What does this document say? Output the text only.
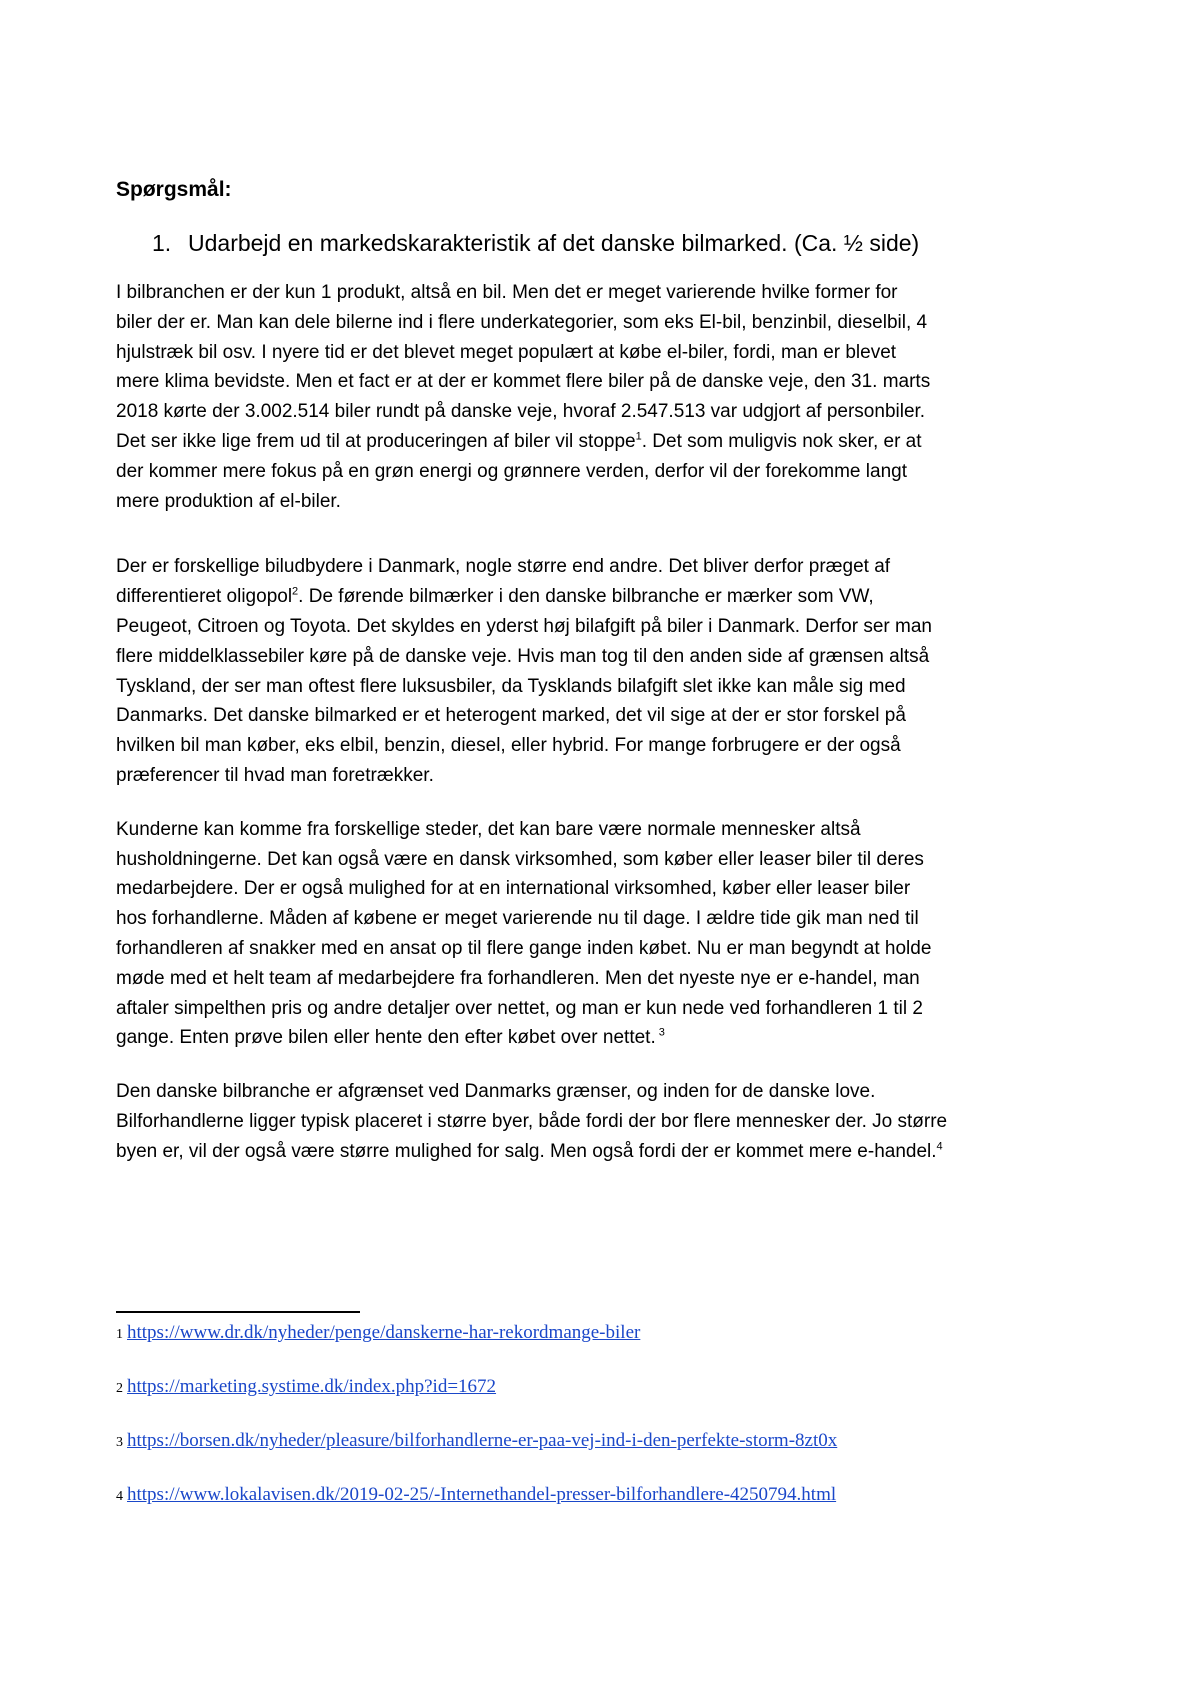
Spørgsmål:

1. Udarbejd en markedskarakteristik af det danske bilmarked. (Ca. ½ side)

I bilbranchen er der kun 1 produkt, altså en bil. Men det er meget varierende hvilke former for
biler der er. Man kan dele bilerne ind i flere underkategorier, som eks El-bil, benzinbil, dieselbil, 4
hjulstræk bil osv. I nyere tid er det blevet meget populært at købe el-biler, fordi, man er blevet
mere klima bevidste. Men et fact er at der er kommet flere biler på de danske veje, den 31. marts
2018 kørte der 3.002.514 biler rundt på danske veje, hvoraf 2.547.513 var udgjort af personbiler.
Det ser ikke lige frem ud til at produceringen af biler vil stoppe$^1$. Det som muligvis nok sker, er at
der kommer mere fokus på en grøn energi og grønnere verden, derfor vil der forekomme langt
mere produktion af el-biler.

Der er forskellige biludbydere i Danmark, nogle større end andre. Det bliver derfor præget af
differentieret oligopol$^2$. De førende bilmærker i den danske bilbranche er mærker som VW,
Peugeot, Citroen og Toyota. Det skyldes en yderst høj bilafgift på biler i Danmark. Derfor ser man
flere middelklassebiler køre på de danske veje. Hvis man tog til den anden side af grænsen altså
Tyskland, der ser man oftest flere luksusbiler, da Tysklands bilafgift slet ikke kan måle sig med
Danmarks. Det danske bilmarked er et heterogent marked, det vil sige at der er stor forskel på
hvilken bil man køber, eks elbil, benzin, diesel, eller hybrid. For mange forbrugere er der også
præferencer til hvad man foretrækker.

Kunderne kan komme fra forskellige steder, det kan bare være normale mennesker altså
husholdningerne. Det kan også være en dansk virksomhed, som køber eller leaser biler til deres
medarbejdere. Der er også mulighed for at en international virksomhed, køber eller leaser biler
hos forhandlerne. Måden af købene er meget varierende nu til dage. I ældre tide gik man ned til
forhandleren af snakker med en ansat op til flere gange inden købet. Nu er man begyndt at holde
møde med et helt team af medarbejdere fra forhandleren. Men det nyeste nye er e-handel, man
aftaler simpelthen pris og andre detaljer over nettet, og man er kun nede ved forhandleren 1 til 2
gange. Enten prøve bilen eller hente den efter købet over nettet. $^3$

Den danske bilbranche er afgrænset ved Danmarks grænser, og inden for de danske love.
Bilforhandlerne ligger typisk placeret i større byer, både fordi der bor flere mennesker der. Jo større
byen er, vil der også være større mulighed for salg. Men også fordi der er kommet mere e-handel.$^4$

1 https://www.dr.dk/nyheder/penge/danskerne-har-rekordmange-biler
2 https://marketing.systime.dk/index.php?id=1672
3 https://borsen.dk/nyheder/pleasure/bilforhandlerne-er-paa-vej-ind-i-den-perfekte-storm-8zt0x
4 https://www.lokalavisen.dk/2019-02-25/-Internethandel-presser-bilforhandlere-4250794.html
